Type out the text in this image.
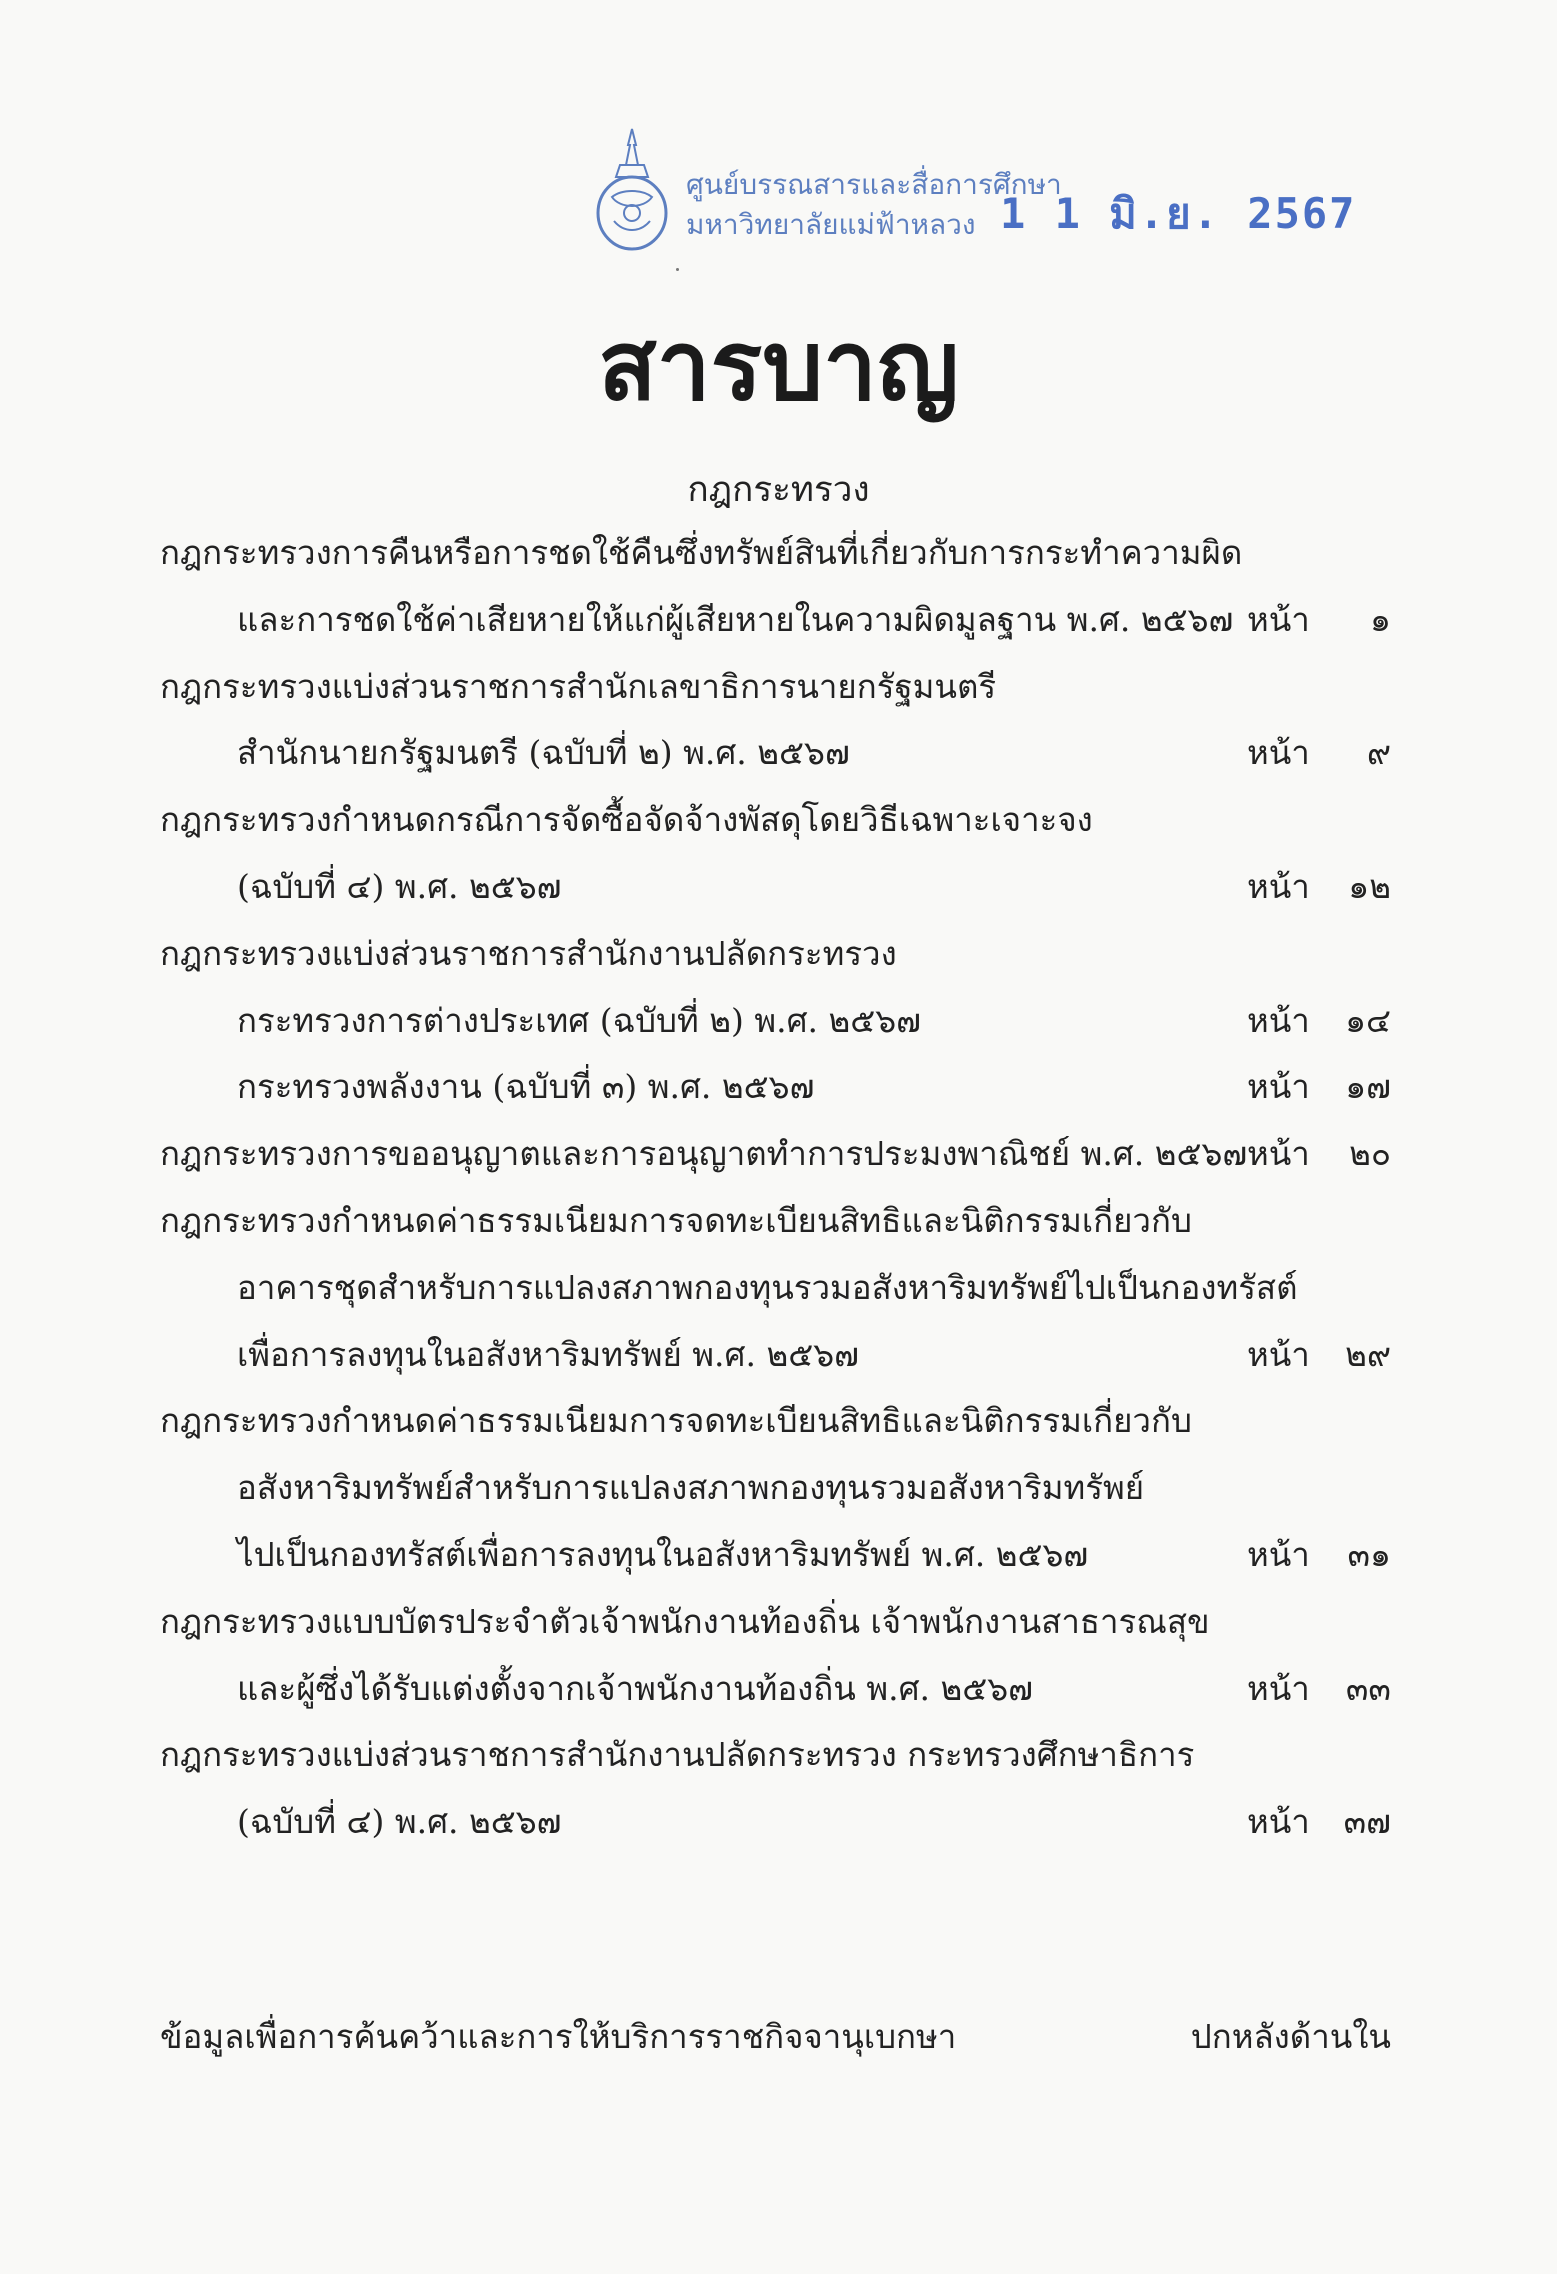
ศูนย์บรรณสารและสื่อการศึกษา
มหาวิทยาลัยแม่ฟ้าหลวง 1 1 มิ.ย. 2567
สารบาญ
กฎกระทรวง
ข้อมูลเพื่อการค้นคว้าและการให้บริการราชกิจจานุเบกษา	ปกหลังด้านใน
กฎกระทรวงการคืนหรือการชดใช้คืนซึ่งทรัพย์สินที่เกี่ยวกับการกระทำความผิด
และการชดใช้ค่าเสียหายให้แก่ผู้เสียหายในความผิดมูลฐาน พ.ศ. ๒๕๖๗ หน้า ๑
กฎกระทรวงแบ่งส่วนราชการสำนักเลขาธิการนายกรัฐมนตรี
สำนักนายกรัฐมนตรี (ฉบับที่ ๒) พ.ศ. ๒๕๖๗	หน้า ๙
กฎกระทรวงกำหนดกรณีการจัดซื้อจัดจ้างพัสดุโดยวิธีเฉพาะเจาะจง
(ฉบับที่ ๔) พ.ศ. ๒๕๖๗	หน้า ๑๒
กฎกระทรวงแบ่งส่วนราชการสำนักงานปลัดกระทรวง
กระทรวงการต่างประเทศ (ฉบับที่ ๒) พ.ศ. ๒๕๖๗	หน้า ๑๔
กระทรวงพลังงาน (ฉบับที่ ๓) พ.ศ. ๒๕๖๗	หน้า ๑๗
กฎกระทรวงการขออนุญาตและการอนุญาตทำการประมงพาณิชย์ พ.ศ. ๒๕๖๗ หน้า ๒๐
กฎกระทรวงกำหนดค่าธรรมเนียมการจดทะเบียนสิทธิและนิติกรรมเกี่ยวกับ
อาคารชุดสำหรับการแปลงสภาพกองทุนรวมอสังหาริมทรัพย์ไปเป็นกองทรัสต์
เพื่อการลงทุนในอสังหาริมทรัพย์ พ.ศ. ๒๕๖๗	หน้า ๒๙
กฎกระทรวงกำหนดค่าธรรมเนียมการจดทะเบียนสิทธิและนิติกรรมเกี่ยวกับ
อสังหาริมทรัพย์สำหรับการแปลงสภาพกองทุนรวมอสังหาริมทรัพย์
ไปเป็นกองทรัสต์เพื่อการลงทุนในอสังหาริมทรัพย์ พ.ศ. ๒๕๖๗	หน้า ๓๑
กฎกระทรวงแบบบัตรประจำตัวเจ้าพนักงานท้องถิ่น เจ้าพนักงานสาธารณสุข
และผู้ซึ่งได้รับแต่งตั้งจากเจ้าพนักงานท้องถิ่น พ.ศ. ๒๕๖๗	หน้า ๓๓
กฎกระทรวงแบ่งส่วนราชการสำนักงานปลัดกระทรวง กระทรวงศึกษาธิการ
(ฉบับที่ ๔) พ.ศ. ๒๕๖๗	หน้า ๓๗
